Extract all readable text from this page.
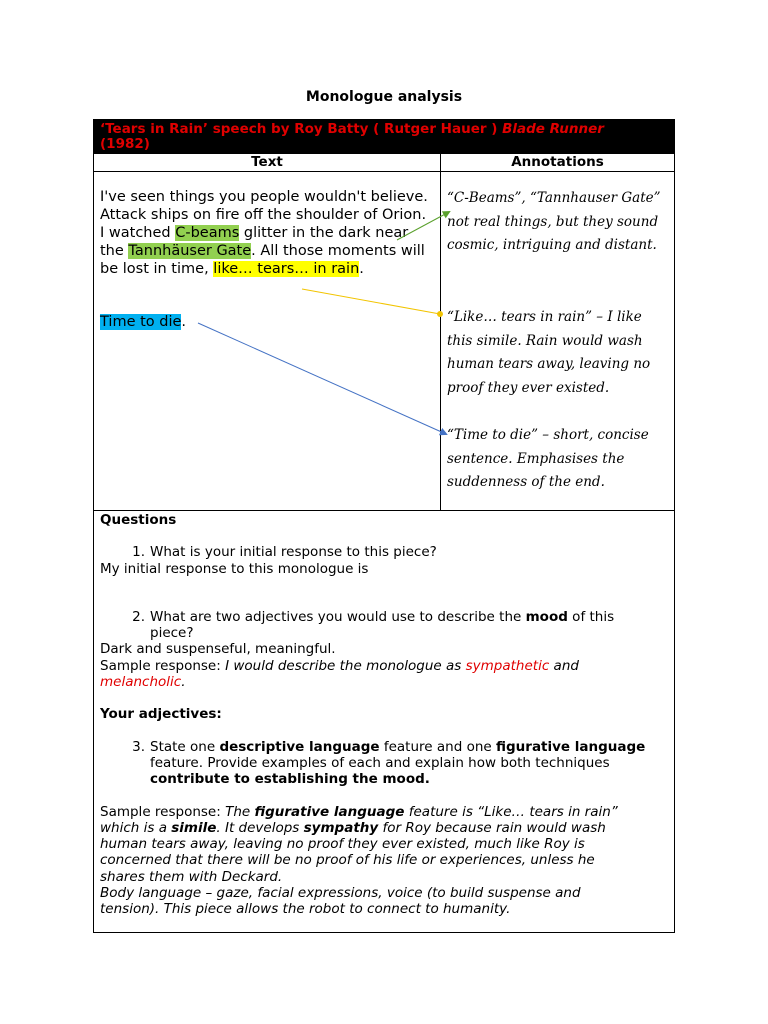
Monologue analysis
‘Tears in Rain’ speech by Roy Batty ( Rutger Hauer ) Blade Runner
(1982)
Text	Annotations
I've seen things you people wouldn't believe. Attack ships on fire off the shoulder of Orion. I watched C-beams glitter in the dark near the Tannhäuser Gate. All those moments will be lost in time, like… tears… in rain.
Time to die.
“C-Beams”, “Tannhauser Gate” not real things, but they sound cosmic, intriguing and distant.
“Like… tears in rain” – I like this simile. Rain would wash human tears away, leaving no proof they ever existed.
“Time to die” – short, concise sentence. Emphasises the suddenness of the end.

Questions

1. What is your initial response to this piece?

My initial response to this monologue is

2. What are two adjectives you would use to describe the mood of this

piece?

Dark and suspenseful, meaningful.

Sample response: I would describe the monologue as sympathetic and

melancholic.

Your adjectives:

3. State one descriptive language feature and one figurative language

feature. Provide examples of each and explain how both techniques

contribute to establishing the mood.

Sample response: The figurative language feature is “Like… tears in rain”

which is a simile. It develops sympathy for Roy because rain would wash

human tears away, leaving no proof they ever existed, much like Roy is

concerned that there will be no proof of his life or experiences, unless he

shares them with Deckard.

Body language – gaze, facial expressions, voice (to build suspense and

tension). This piece allows the robot to connect to humanity.
